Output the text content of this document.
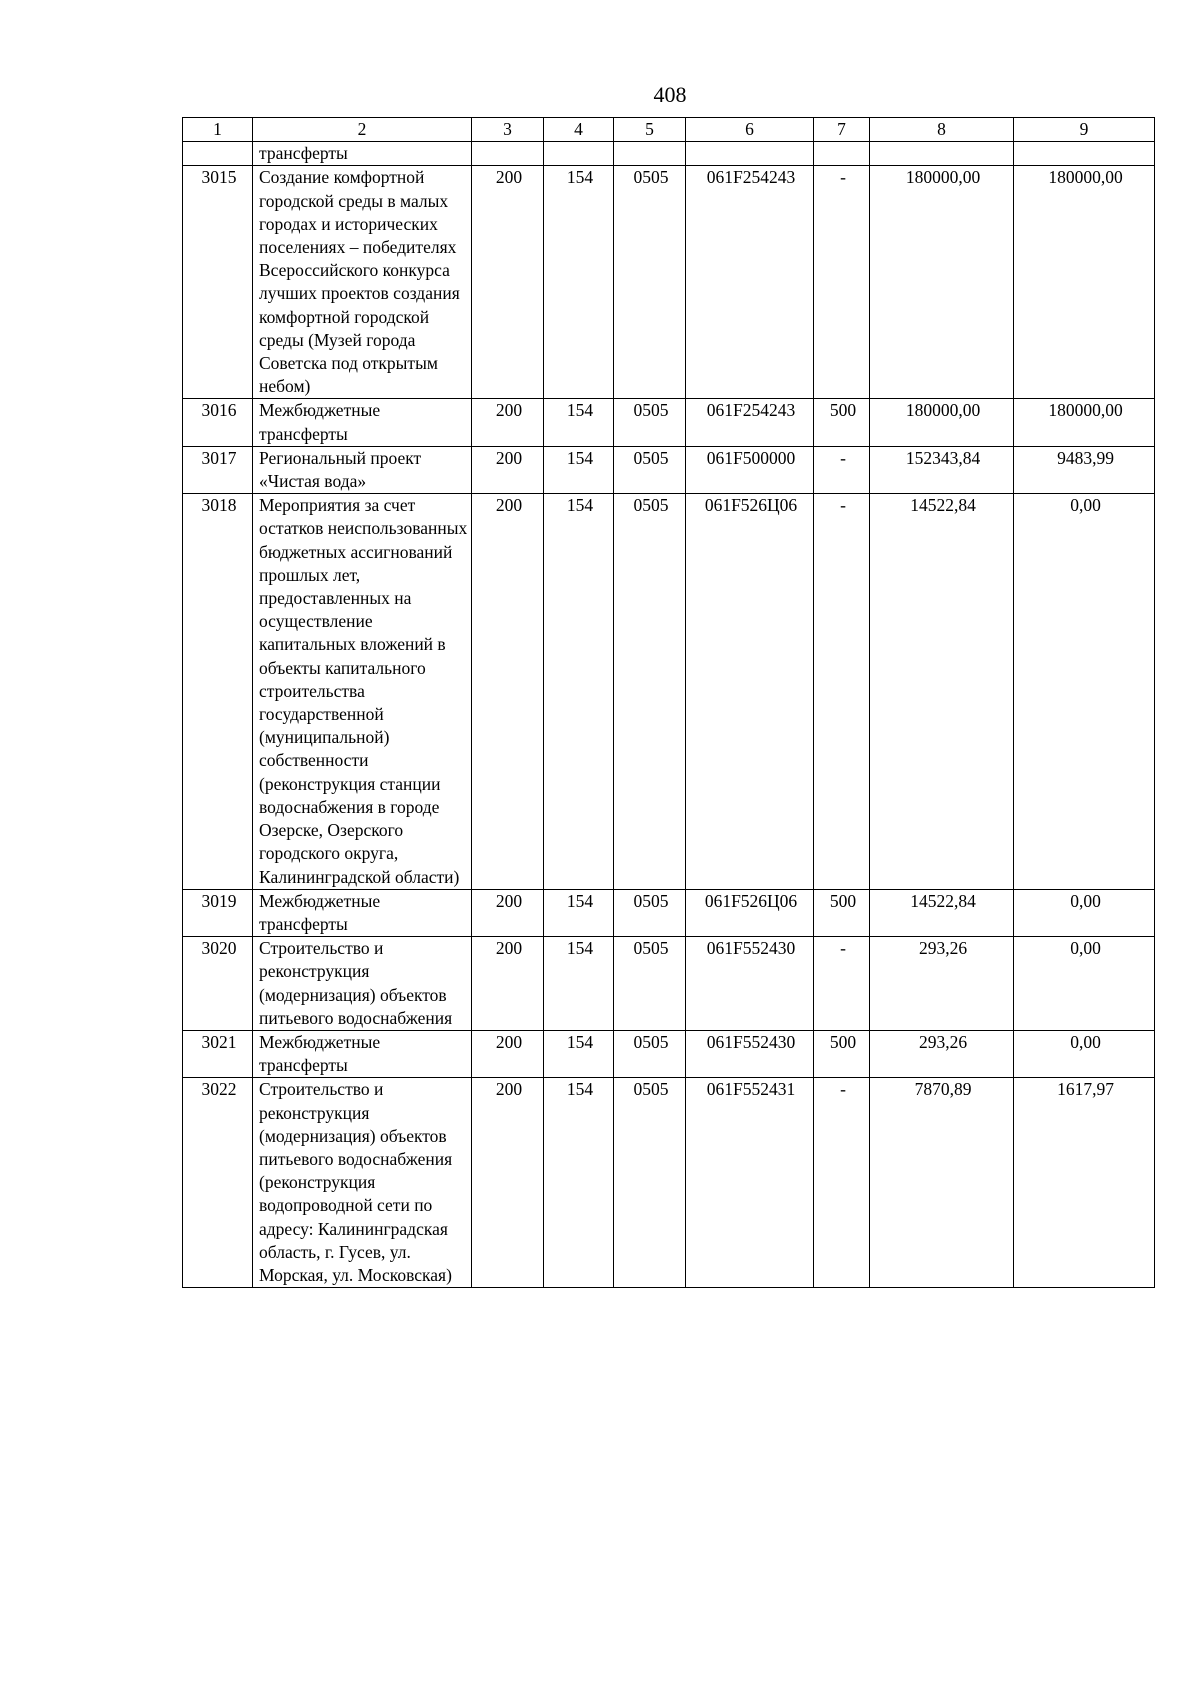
408
1	2	3	4	5	6	7	8	9
	трансферты							
3015	Создание комфортной городской среды в малых городах и исторических поселениях – победителях Всероссийского конкурса лучших проектов создания комфортной городской среды (Музей города Советска под открытым небом)	200	154	0505	061F254243	-	180000,00	180000,00
3016	Межбюджетные трансферты	200	154	0505	061F254243	500	180000,00	180000,00
3017	Региональный проект «Чистая вода»	200	154	0505	061F500000	-	152343,84	9483,99
3018	Мероприятия за счет остатков неиспользованных бюджетных ассигнований прошлых лет, предоставленных на осуществление капитальных вложений в объекты капитального строительства государственной (муниципальной) собственности (реконструкция станции водоснабжения в городе Озерске, Озерского городского округа, Калининградской области)	200	154	0505	061F526Ц06	-	14522,84	0,00
3019	Межбюджетные трансферты	200	154	0505	061F526Ц06	500	14522,84	0,00
3020	Строительство и реконструкция (модернизация) объектов питьевого водоснабжения	200	154	0505	061F552430	-	293,26	0,00
3021	Межбюджетные трансферты	200	154	0505	061F552430	500	293,26	0,00
3022	Строительство и реконструкция (модернизация) объектов питьевого водоснабжения (реконструкция водопроводной сети по адресу: Калининградская область, г. Гусев, ул. Морская, ул. Московская)	200	154	0505	061F552431	-	7870,89	1617,97
